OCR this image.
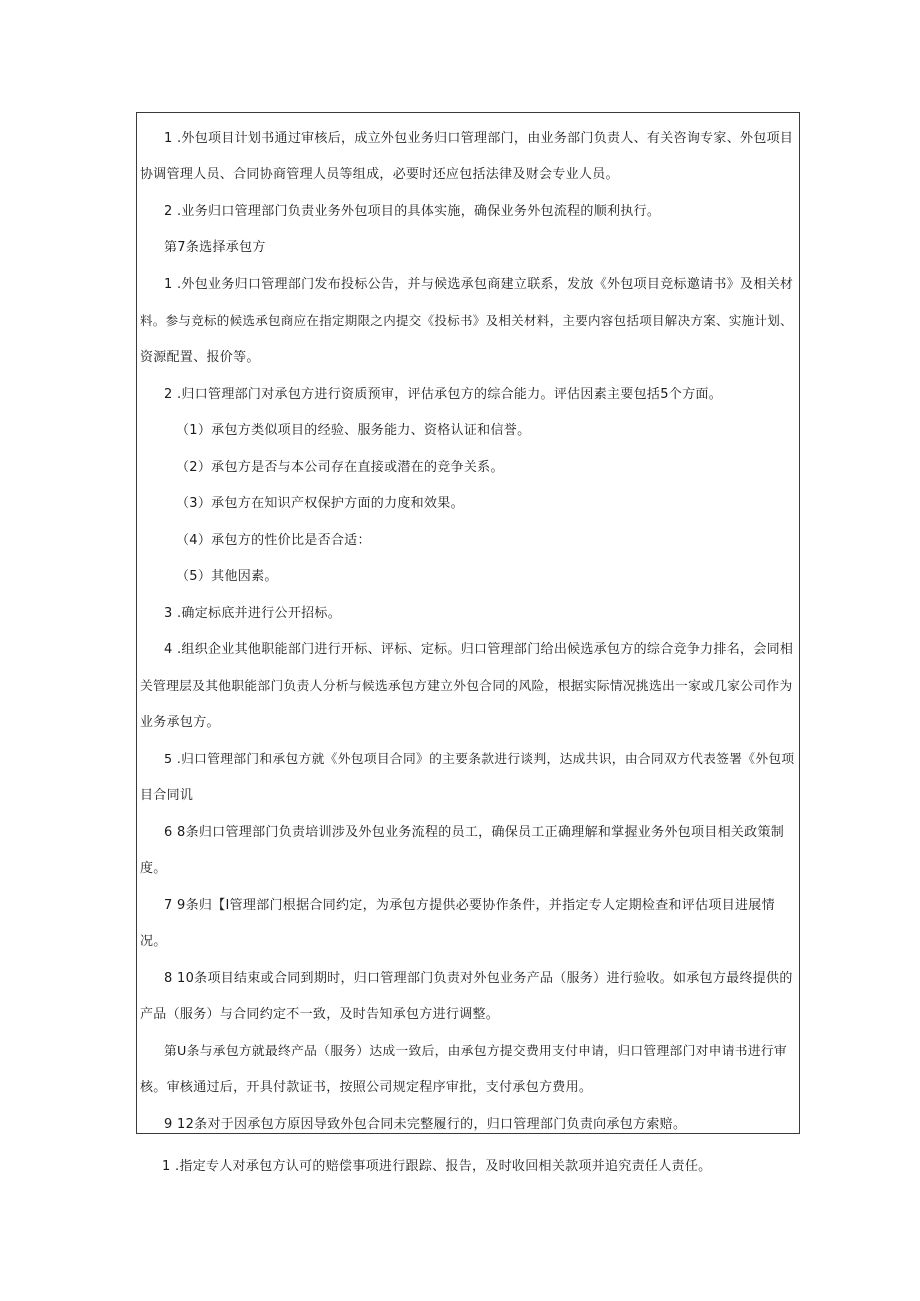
1 .外包项目计划书通过审核后，成立外包业务归口管理部门，由业务部门负责人、有关咨询专家、外包项目

协调管理人员、合同协商管理人员等组成，必要时还应包括法律及财会专业人员。

2 .业务归口管理部门负责业务外包项目的具体实施，确保业务外包流程的顺利执行。

第7条选择承包方

1 .外包业务归口管理部门发布投标公告，并与候选承包商建立联系，发放《外包项目竞标邀请书》及相关材

料。参与竞标的候选承包商应在指定期限之内提交《投标书》及相关材料，主要内容包括项目解决方案、实施计划、

资源配置、报价等。

2 .归口管理部门对承包方进行资质预审，评估承包方的综合能力。评估因素主要包括5个方面。

（1）承包方类似项目的经验、服务能力、资格认证和信誉。

（2）承包方是否与本公司存在直接或潜在的竞争关系。

（3）承包方在知识产权保护方面的力度和效果。

（4）承包方的性价比是否合适：

（5）其他因素。

3 .确定标底并进行公开招标。

4 .组织企业其他职能部门进行开标、评标、定标。归口管理部门给出候选承包方的综合竞争力排名，会同相

关管理层及其他职能部门负责人分析与候选承包方建立外包合同的风险，根据实际情况挑选出一家或几家公司作为

业务承包方。

5 .归口管理部门和承包方就《外包项目合同》的主要条款进行谈判，达成共识，由合同双方代表签署《外包项

目合同讥

6 8条归口管理部门负责培训涉及外包业务流程的员工，确保员工正确理解和掌握业务外包项目相关政策制

度。

7 9条归【I管理部门根据合同约定，为承包方提供必要协作条件，并指定专人定期检查和评估项目进展情

况。

8 10条项目结束或合同到期时，归口管理部门负责对外包业务产品（服务）进行验收。如承包方最终提供的

产品（服务）与合同约定不一致，及时告知承包方进行调整。

第U条与承包方就最终产品（服务）达成一致后，由承包方提交费用支付申请，归口管理部门对申请书进行审

核。审核通过后，开具付款证书，按照公司规定程序审批，支付承包方费用。

9 12条对于因承包方原因导致外包合同未完整履行的，归口管理部门负责向承包方索赔。

1 .指定专人对承包方认可的赔偿事项进行跟踪、报告，及时收回相关款项并追究责任人责任。
